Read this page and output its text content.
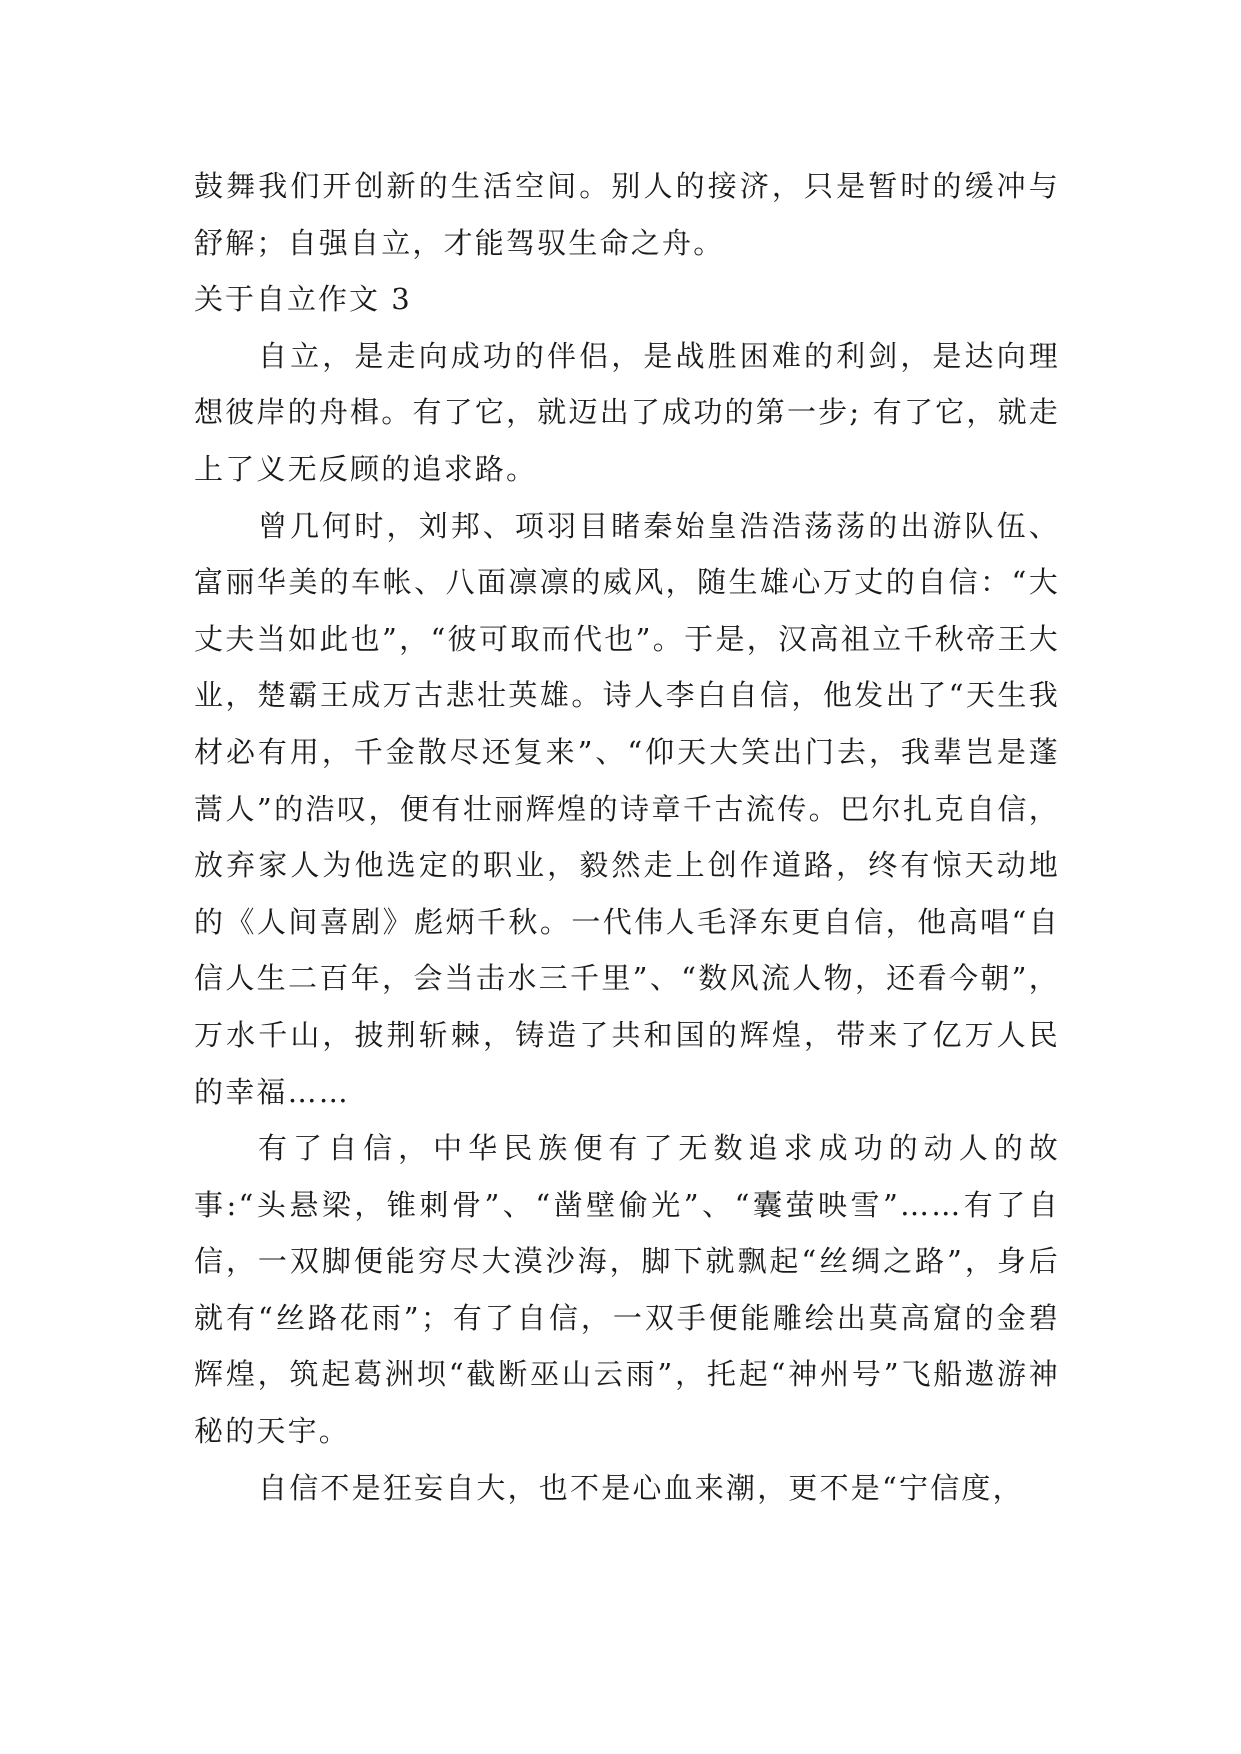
鼓舞我们开创新的生活空间。别人的接济，只是暂时的缓冲与舒解；自强自立，才能驾驭生命之舟。

关于自立作文 3

自立，是走向成功的伴侣，是战胜困难的利剑，是达向理想彼岸的舟楫。有了它，就迈出了成功的第一步; 有了它，就走上了义无反顾的追求路。

曾几何时，刘邦、项羽目睹秦始皇浩浩荡荡的出游队伍、富丽华美的车帐、八面凛凛的威风，随生雄心万丈的自信：“大丈夫当如此也”，“彼可取而代也”。于是，汉高祖立千秋帝王大业，楚霸王成万古悲壮英雄。诗人李白自信，他发出了“天生我材必有用，千金散尽还复来”、“仰天大笑出门去，我辈岂是蓬蒿人”的浩叹，便有壮丽辉煌的诗章千古流传。巴尔扎克自信，放弃家人为他选定的职业，毅然走上创作道路，终有惊天动地的《人间喜剧》彪炳千秋。一代伟人毛泽东更自信，他高唱“自信人生二百年，会当击水三千里”、“数风流人物，还看今朝”，万水千山，披荆斩棘，铸造了共和国的辉煌，带来了亿万人民的幸福……

有了自信，中华民族便有了无数追求成功的动人的故事:“头悬梁，锥刺骨”、“凿壁偷光”、“囊萤映雪”……有了自信，一双脚便能穷尽大漠沙海，脚下就飘起“丝绸之路”，身后就有“丝路花雨”；有了自信，一双手便能雕绘出莫高窟的金碧辉煌，筑起葛洲坝“截断巫山云雨”，托起“神州号”飞船遨游神秘的天宇。

自信不是狂妄自大，也不是心血来潮，更不是“宁信度，
